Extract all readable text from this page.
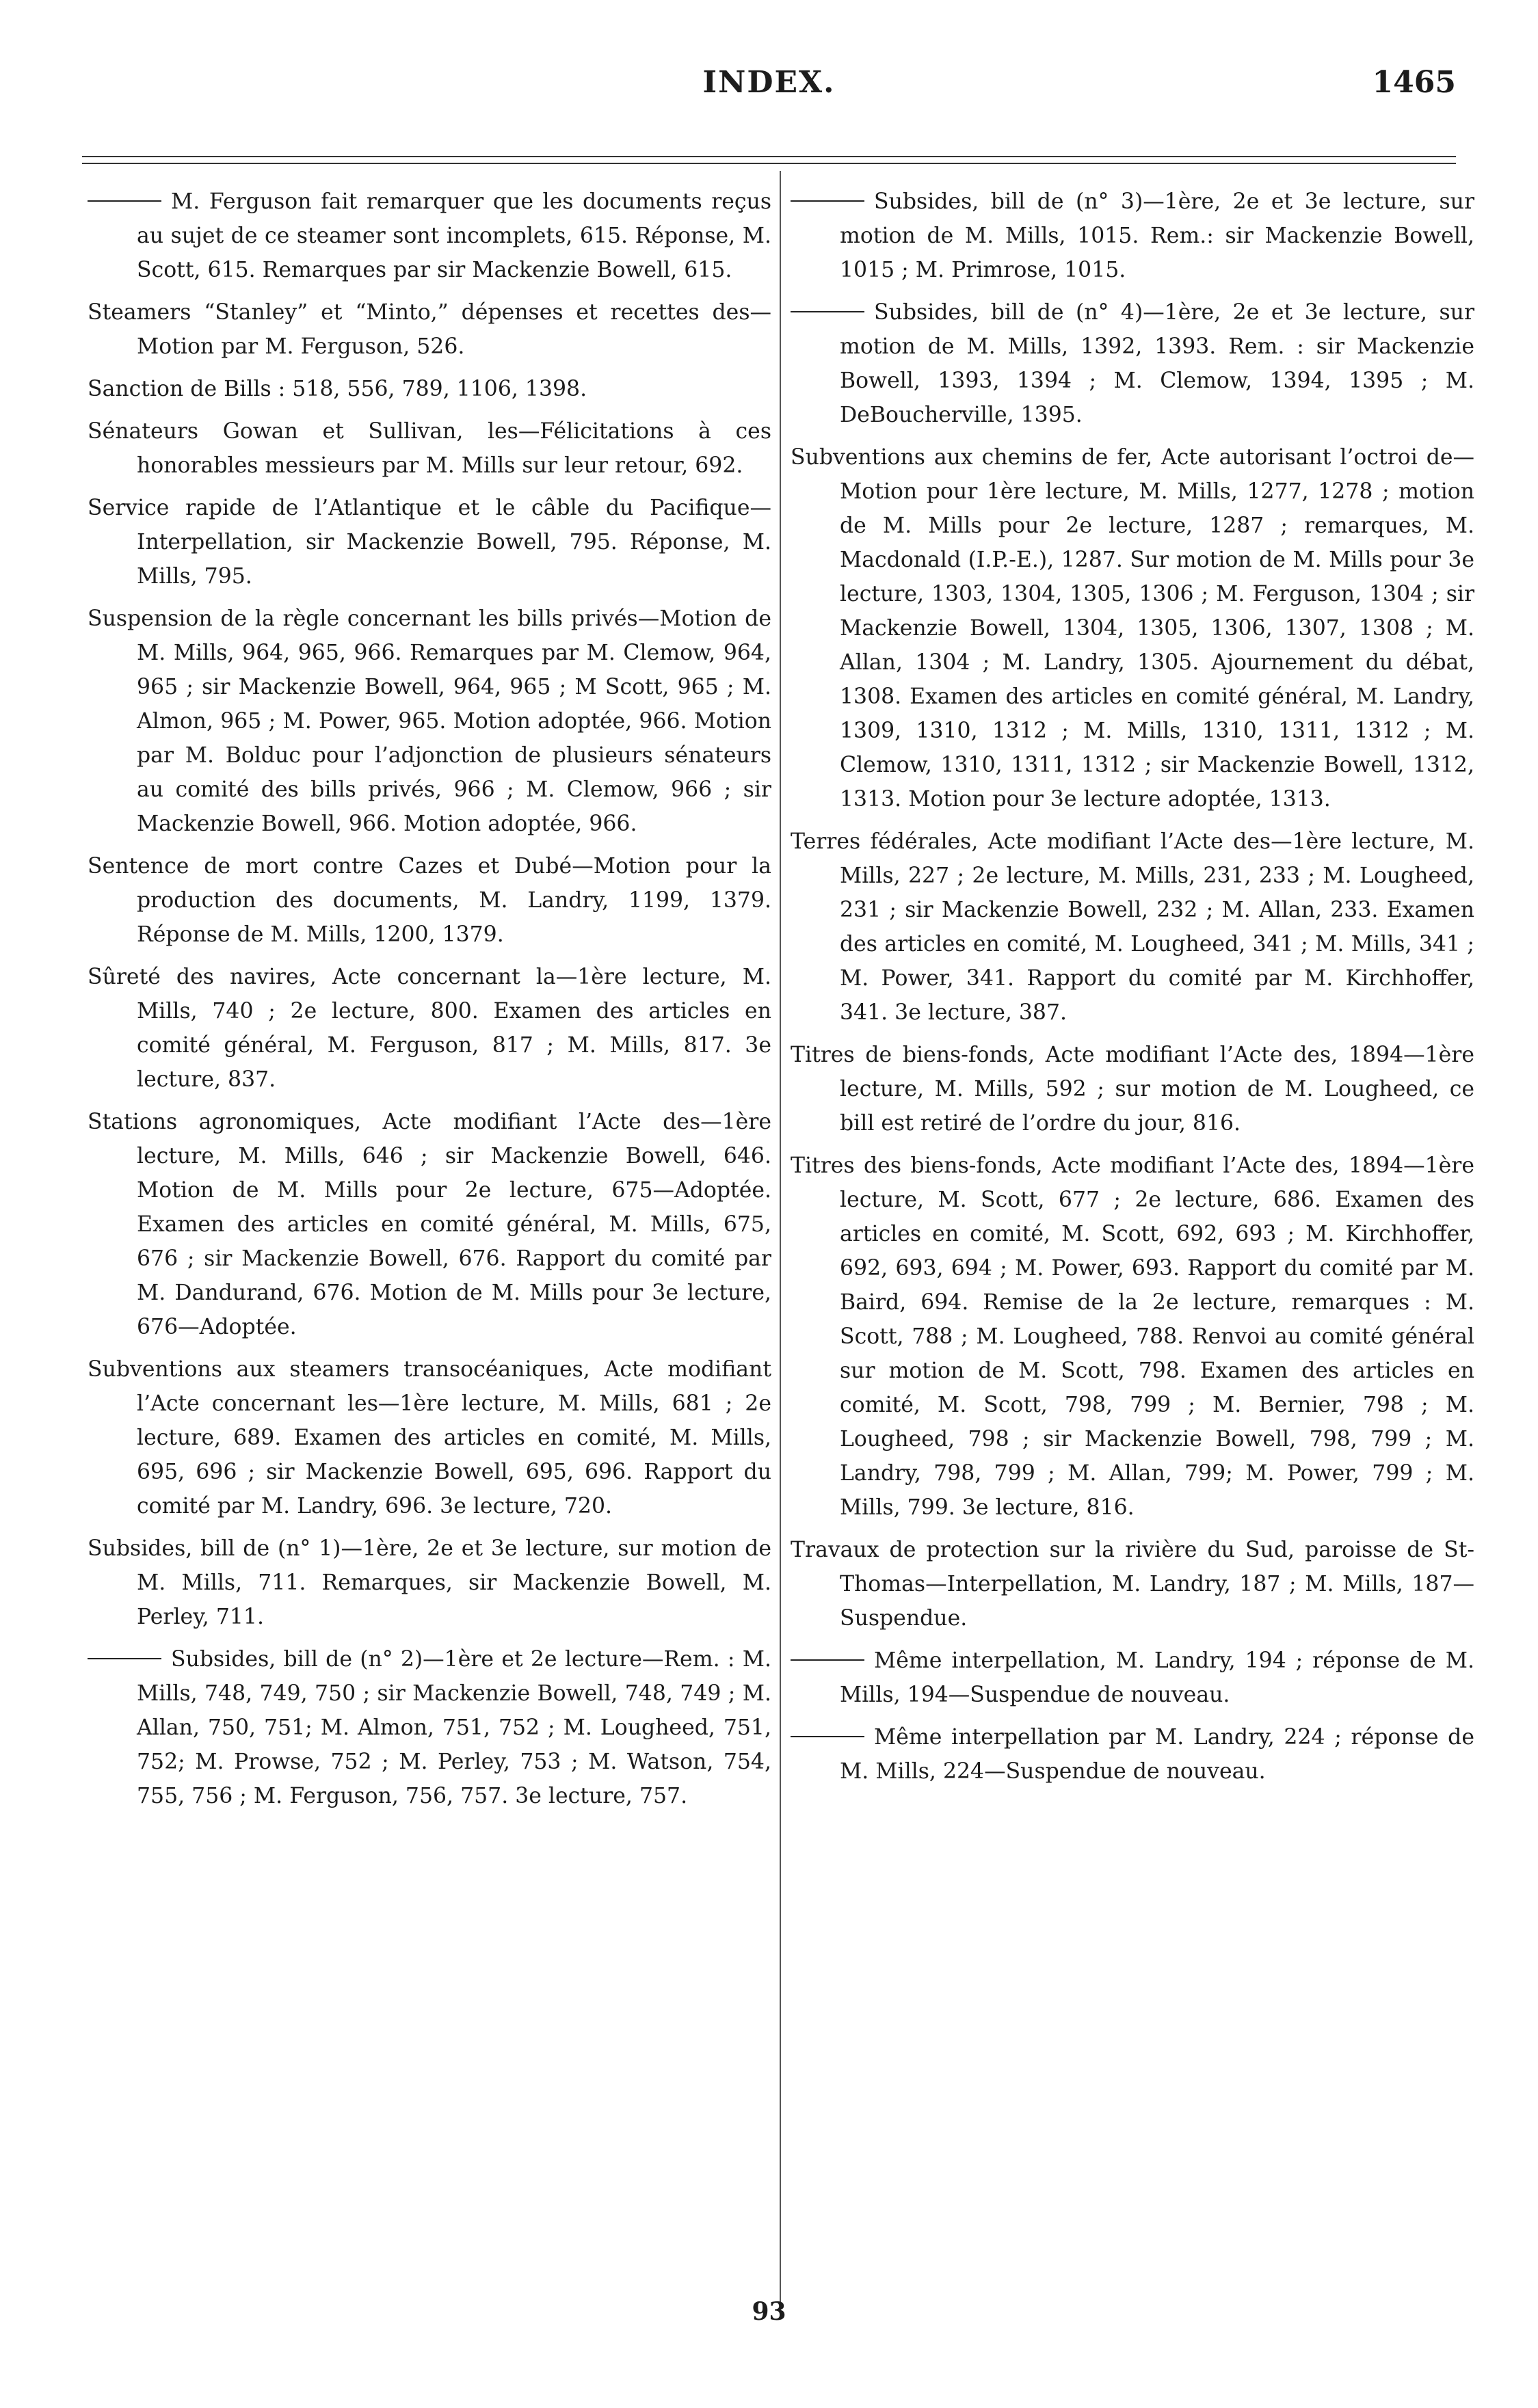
INDEX.	1465

M. Ferguson fait remarquer que les documents reçus au sujet de ce steamer sont incomplets, 615. Réponse, M. Scott, 615. Remarques par sir Mackenzie Bowell, 615.

Steamers “Stanley” et “Minto,” dépenses et recettes des—Motion par M. Ferguson, 526.

Sanction de Bills : 518, 556, 789, 1106, 1398.

Sénateurs Gowan et Sullivan, les—Félicitations à ces honorables messieurs par M. Mills sur leur retour, 692.

Service rapide de l’Atlantique et le câble du Pacifique—Interpellation, sir Mackenzie Bowell, 795. Réponse, M. Mills, 795.

Suspension de la règle concernant les bills privés—Motion de M. Mills, 964, 965, 966. Remarques par M. Clemow, 964, 965 ; sir Mackenzie Bowell, 964, 965 ; M Scott, 965 ; M. Almon, 965 ; M. Power, 965. Motion adoptée, 966. Motion par M. Bolduc pour l’adjonction de plusieurs sénateurs au comité des bills privés, 966 ; M. Clemow, 966 ; sir Mackenzie Bowell, 966. Motion adoptée, 966.

Sentence de mort contre Cazes et Dubé—Motion pour la production des documents, M. Landry, 1199, 1379. Réponse de M. Mills, 1200, 1379.

Sûreté des navires, Acte concernant la—1ère lecture, M. Mills, 740 ; 2e lecture, 800. Examen des articles en comité général, M. Ferguson, 817 ; M. Mills, 817. 3e lecture, 837.

Stations agronomiques, Acte modifiant l’Acte des—1ère lecture, M. Mills, 646 ; sir Mackenzie Bowell, 646. Motion de M. Mills pour 2e lecture, 675—Adoptée. Examen des articles en comité général, M. Mills, 675, 676 ; sir Mackenzie Bowell, 676. Rapport du comité par M. Dandurand, 676. Motion de M. Mills pour 3e lecture, 676—Adoptée.

Subventions aux steamers transocéaniques, Acte modifiant l’Acte concernant les—1ère lecture, M. Mills, 681 ; 2e lecture, 689. Examen des articles en comité, M. Mills, 695, 696 ; sir Mackenzie Bowell, 695, 696. Rapport du comité par M. Landry, 696. 3e lecture, 720.

Subsides, bill de (n° 1)—1ère, 2e et 3e lecture, sur motion de M. Mills, 711. Remarques, sir Mackenzie Bowell, M. Perley, 711.

Subsides, bill de (n° 2)—1ère et 2e lecture—Rem. : M. Mills, 748, 749, 750 ; sir Mackenzie Bowell, 748, 749 ; M. Allan, 750, 751; M. Almon, 751, 752 ; M. Lougheed, 751, 752; M. Prowse, 752 ; M. Perley, 753 ; M. Watson, 754, 755, 756 ; M. Ferguson, 756, 757. 3e lecture, 757.

Subsides, bill de (n° 3)—1ère, 2e et 3e lecture, sur motion de M. Mills, 1015. Rem.: sir Mackenzie Bowell, 1015 ; M. Primrose, 1015.

Subsides, bill de (n° 4)—1ère, 2e et 3e lecture, sur motion de M. Mills, 1392, 1393. Rem. : sir Mackenzie Bowell, 1393, 1394 ; M. Clemow, 1394, 1395 ; M. DeBoucherville, 1395.

Subventions aux chemins de fer, Acte autorisant l’octroi de—Motion pour 1ère lecture, M. Mills, 1277, 1278 ; motion de M. Mills pour 2e lecture, 1287 ; remarques, M. Macdonald (I.P.-E.), 1287. Sur motion de M. Mills pour 3e lecture, 1303, 1304, 1305, 1306 ; M. Ferguson, 1304 ; sir Mackenzie Bowell, 1304, 1305, 1306, 1307, 1308 ; M. Allan, 1304 ; M. Landry, 1305. Ajournement du débat, 1308. Examen des articles en comité général, M. Landry, 1309, 1310, 1312 ; M. Mills, 1310, 1311, 1312 ; M. Clemow, 1310, 1311, 1312 ; sir Mackenzie Bowell, 1312, 1313. Motion pour 3e lecture adoptée, 1313.

Terres fédérales, Acte modifiant l’Acte des—1ère lecture, M. Mills, 227 ; 2e lecture, M. Mills, 231, 233 ; M. Lougheed, 231 ; sir Mackenzie Bowell, 232 ; M. Allan, 233. Examen des articles en comité, M. Lougheed, 341 ; M. Mills, 341 ; M. Power, 341. Rapport du comité par M. Kirchhoffer, 341. 3e lecture, 387.

Titres de biens-fonds, Acte modifiant l’Acte des, 1894—1ère lecture, M. Mills, 592 ; sur motion de M. Lougheed, ce bill est retiré de l’ordre du jour, 816.

Titres des biens-fonds, Acte modifiant l’Acte des, 1894—1ère lecture, M. Scott, 677 ; 2e lecture, 686. Examen des articles en comité, M. Scott, 692, 693 ; M. Kirchhoffer, 692, 693, 694 ; M. Power, 693. Rapport du comité par M. Baird, 694. Remise de la 2e lecture, remarques : M. Scott, 788 ; M. Lougheed, 788. Renvoi au comité général sur motion de M. Scott, 798. Examen des articles en comité, M. Scott, 798, 799 ; M. Bernier, 798 ; M. Lougheed, 798 ; sir Mackenzie Bowell, 798, 799 ; M. Landry, 798, 799 ; M. Allan, 799; M. Power, 799 ; M. Mills, 799. 3e lecture, 816.

Travaux de protection sur la rivière du Sud, paroisse de St-Thomas—Interpellation, M. Landry, 187 ; M. Mills, 187—Suspendue.

Même interpellation, M. Landry, 194 ; réponse de M. Mills, 194—Suspendue de nouveau.

Même interpellation par M. Landry, 224 ; réponse de M. Mills, 224—Suspendue de nouveau.

93
